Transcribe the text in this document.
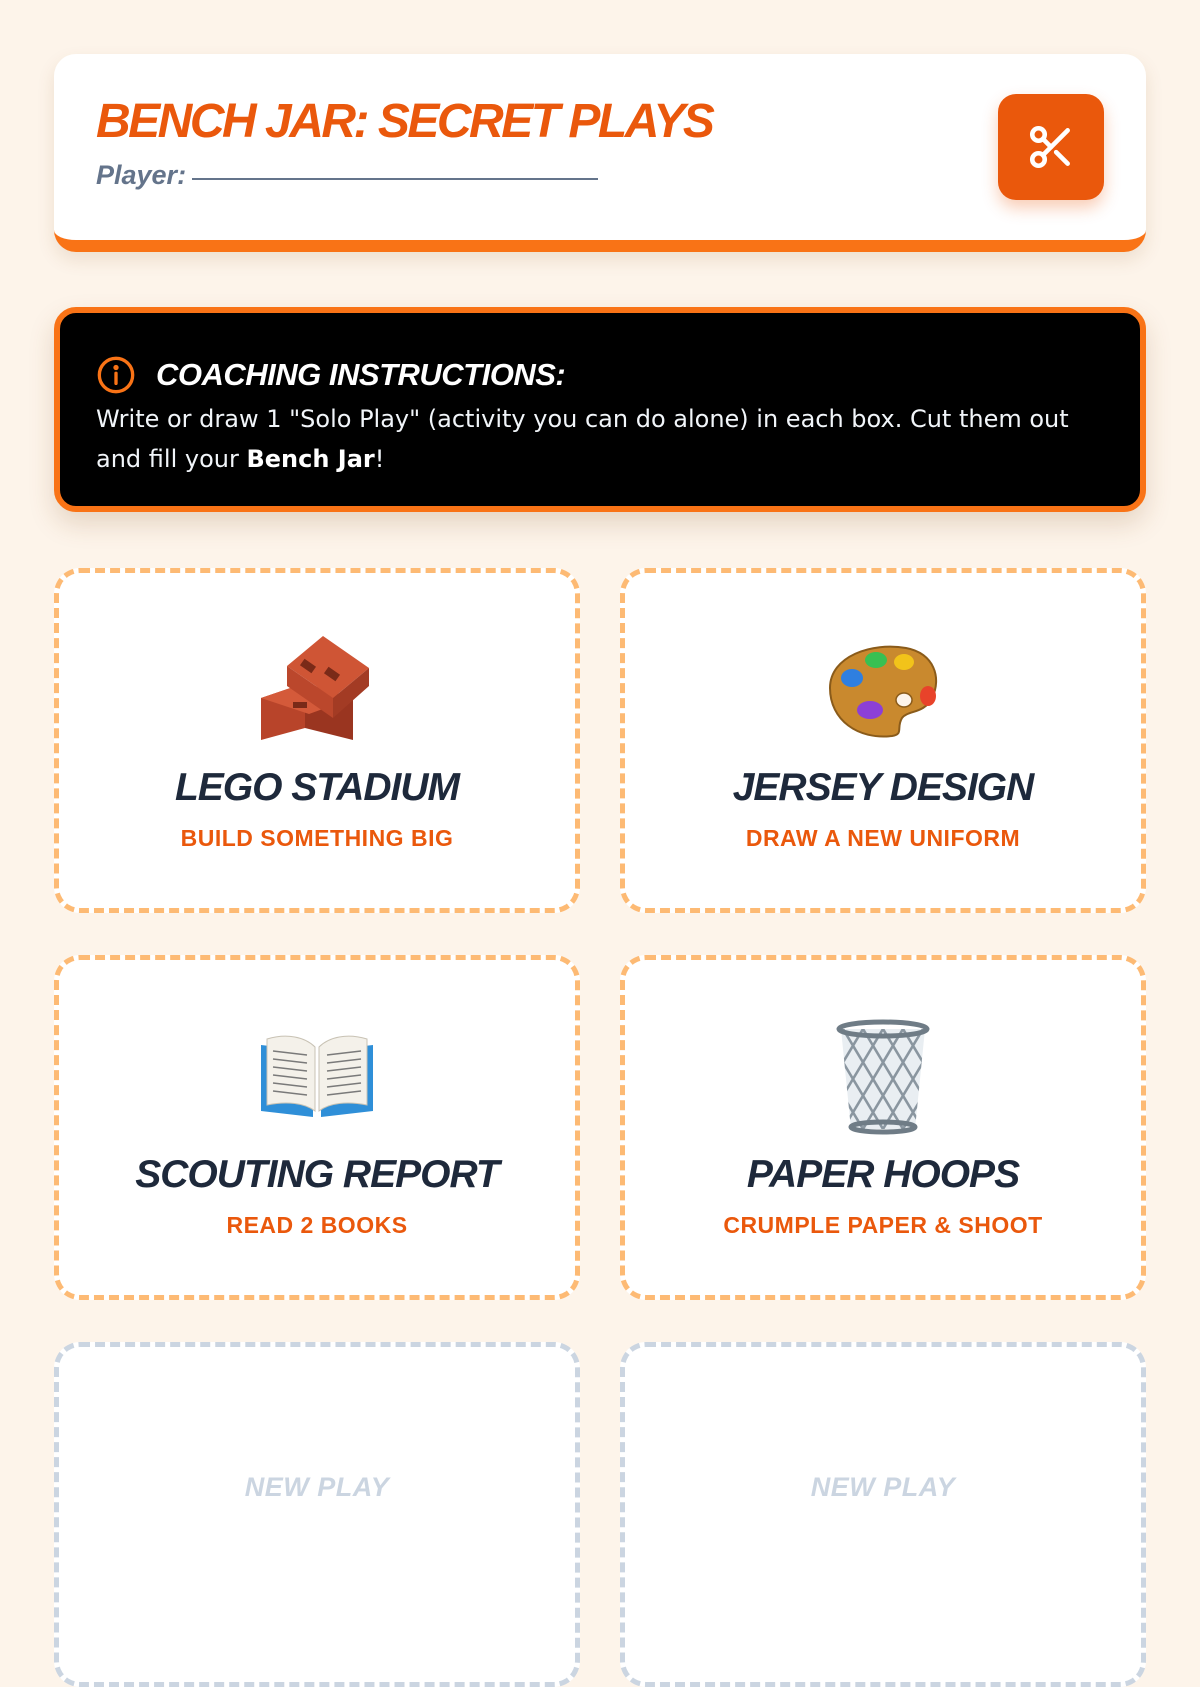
BENCH JAR: SECRET PLAYS
Player:
COACHING INSTRUCTIONS:
Write or draw 1 "Solo Play" (activity you can do alone) in each box. Cut them out and fill your Bench Jar!
LEGO STADIUM
BUILD SOMETHING BIG
JERSEY DESIGN
DRAW A NEW UNIFORM
SCOUTING REPORT
READ 2 BOOKS
PAPER HOOPS
CRUMPLE PAPER & SHOOT
NEW PLAY	NEW PLAY
